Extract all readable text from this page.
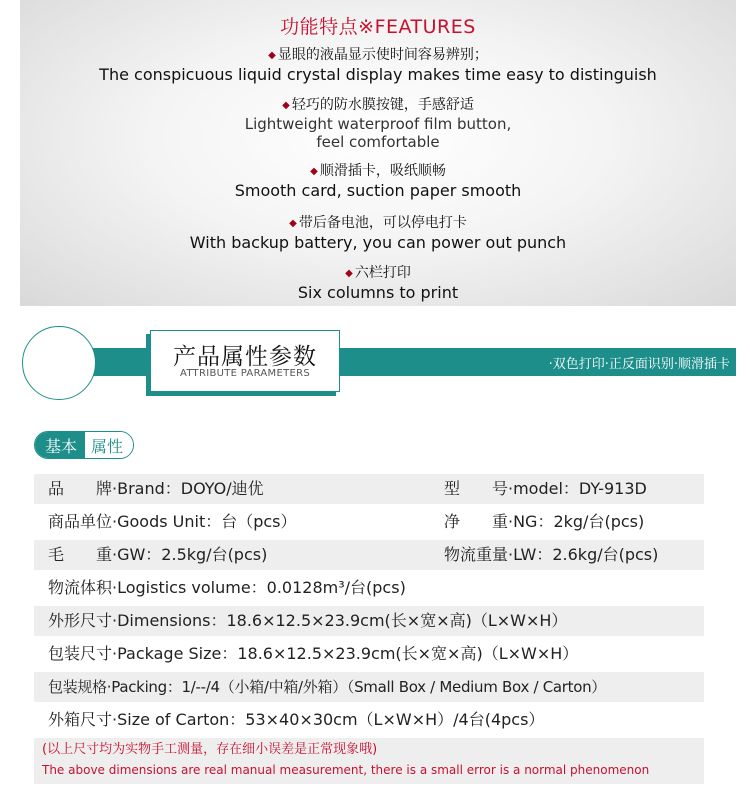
功能特点※FEATURES
◆ 显眼的液晶显示使时间容易辨别；
The conspicuous liquid crystal display makes time easy to distinguish
◆ 轻巧的防水膜按键，手感舒适
Lightweight waterproof film button,
feel comfortable
◆ 顺滑插卡，吸纸顺畅
Smooth card, suction paper smooth
◆ 带后备电池，可以停电打卡
With backup battery, you can power out punch
◆ 六栏打印
Six columns to print
产品属性参数
ATTRIBUTE PARAMETERS
·双色打印·正反面识别·顺滑插卡
基本 属性
品　　牌·Brand：DOYO/迪优	型　　号·model：DY-913D
商品单位·Goods Unit：台（pcs）	净　　重·NG：2kg/台(pcs)
毛　　重·GW：2.5kg/台(pcs)	物流重量·LW：2.6kg/台(pcs)
物流体积·Logistics volume：0.0128m³/台(pcs)
外形尺寸·Dimensions：18.6×12.5×23.9cm(长×宽×高)（L×W×H）
包装尺寸·Package Size：18.6×12.5×23.9cm(长×宽×高)（L×W×H）
包装规格·Packing：1/--/4（小箱/中箱/外箱）（Small Box / Medium Box / Carton）
外箱尺寸·Size of Carton：53×40×30cm（L×W×H）/4台(4pcs）
(以上尺寸均为实物手工测量，存在细小误差是正常现象哦)
The above dimensions are real manual measurement, there is a small error is a normal phenomenon
